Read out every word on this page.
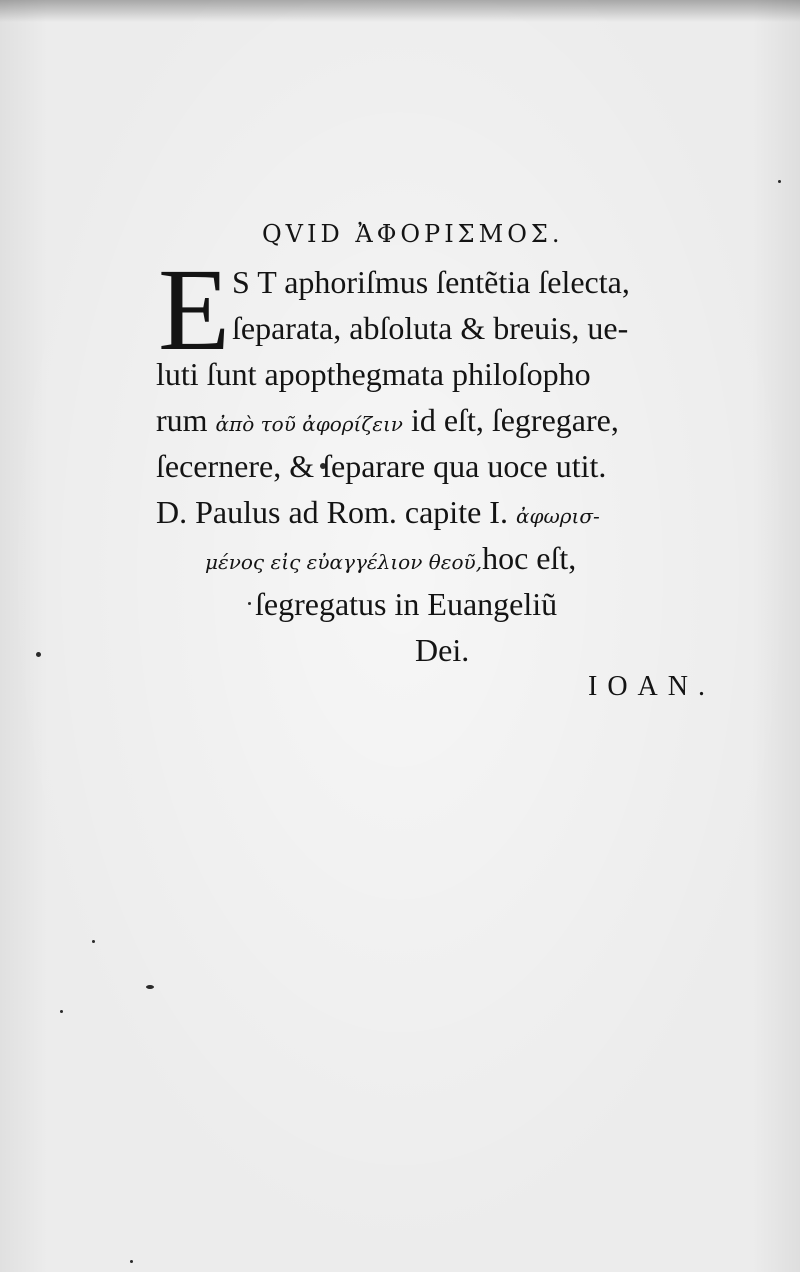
QVID ἈΦΟΡΙΣΜΟΣ.
E S T aphoriſmus ſentẽtia ſelecta,
ſeparata, abſoluta & breuis, ue-
luti ſunt apopthegmata philoſopho
rum ἀπὸ τοῦ ἀφορίζειν id eſt, ſegregare,
ſecernere, & ſeparare qua uoce utit.
D. Paulus ad Rom. capite I. ἀφωρισ-
μένος εἰς εὐαγγέλιον θεοῦ,hoc eſt,
ſegregatus in Euangeliũ
Dei.
IOAN.
